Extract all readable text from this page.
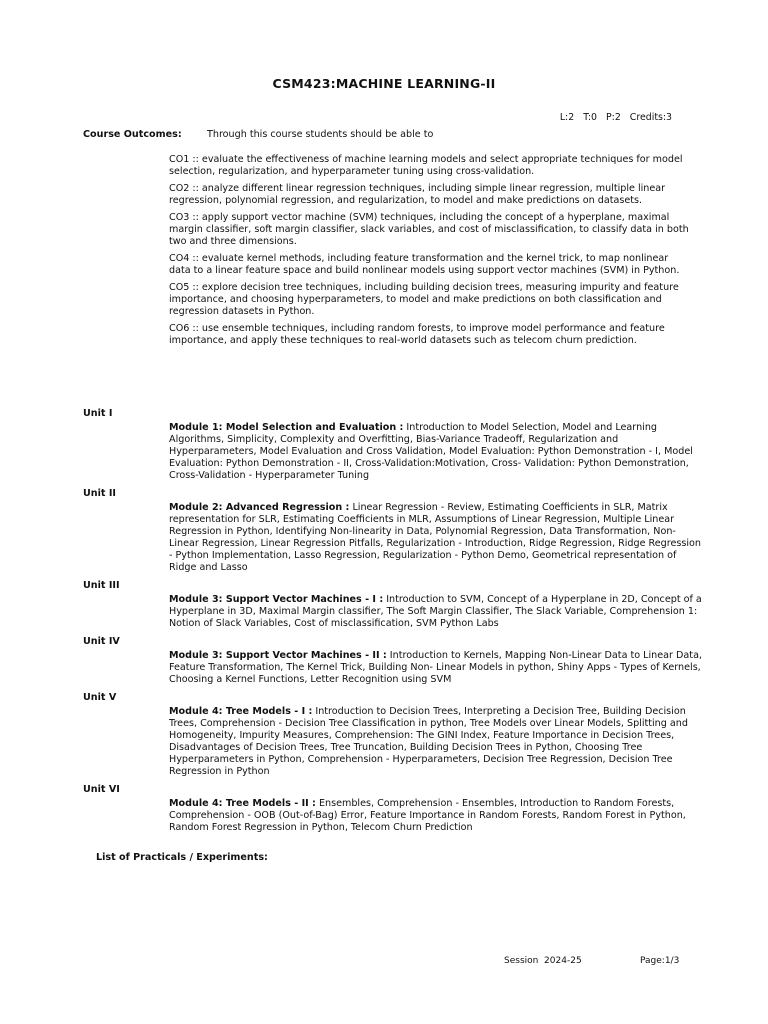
CSM423:MACHINE LEARNING-II

L:2 T:0 P:2 Credits:3

Course Outcomes:	Through this course students should be able to
CO1 :: evaluate the effectiveness of machine learning models and select appropriate techniques for model selection, regularization, and hyperparameter tuning using cross-validation.
CO2 :: analyze different linear regression techniques, including simple linear regression, multiple linear regression, polynomial regression, and regularization, to model and make predictions on datasets.
CO3 :: apply support vector machine (SVM) techniques, including the concept of a hyperplane, maximal margin classifier, soft margin classifier, slack variables, and cost of misclassification, to classify data in both two and three dimensions.
CO4 :: evaluate kernel methods, including feature transformation and the kernel trick, to map nonlinear data to a linear feature space and build nonlinear models using support vector machines (SVM) in Python.
CO5 :: explore decision tree techniques, including building decision trees, measuring impurity and feature importance, and choosing hyperparameters, to model and make predictions on both classification and regression datasets in Python.
CO6 :: use ensemble techniques, including random forests, to improve model performance and feature importance, and apply these techniques to real-world datasets such as telecom churn prediction.
Unit I
Module 1: Model Selection and Evaluation : Introduction to Model Selection, Model and Learning Algorithms, Simplicity, Complexity and Overfitting, Bias-Variance Tradeoff, Regularization and Hyperparameters, Model Evaluation and Cross Validation, Model Evaluation: Python Demonstration - I, Model Evaluation: Python Demonstration - II, Cross-Validation:Motivation, Cross- Validation: Python Demonstration, Cross-Validation - Hyperparameter Tuning
Unit II
Module 2: Advanced Regression : Linear Regression - Review, Estimating Coefficients in SLR, Matrix representation for SLR, Estimating Coefficients in MLR, Assumptions of Linear Regression, Multiple Linear Regression in Python, Identifying Non-linearity in Data, Polynomial Regression, Data Transformation, Non-Linear Regression, Linear Regression Pitfalls, Regularization - Introduction, Ridge Regression, Ridge Regression - Python Implementation, Lasso Regression, Regularization - Python Demo, Geometrical representation of Ridge and Lasso
Unit III
Module 3: Support Vector Machines - I : Introduction to SVM, Concept of a Hyperplane in 2D, Concept of a Hyperplane in 3D, Maximal Margin classifier, The Soft Margin Classifier, The Slack Variable, Comprehension 1: Notion of Slack Variables, Cost of misclassification, SVM Python Labs
Unit IV
Module 3: Support Vector Machines - II : Introduction to Kernels, Mapping Non-Linear Data to Linear Data, Feature Transformation, The Kernel Trick, Building Non- Linear Models in python, Shiny Apps - Types of Kernels, Choosing a Kernel Functions, Letter Recognition using SVM
Unit V
Module 4: Tree Models - I : Introduction to Decision Trees, Interpreting a Decision Tree, Building Decision Trees, Comprehension - Decision Tree Classification in python, Tree Models over Linear Models, Splitting and Homogeneity, Impurity Measures, Comprehension: The GINI Index, Feature Importance in Decision Trees, Disadvantages of Decision Trees, Tree Truncation, Building Decision Trees in Python, Choosing Tree Hyperparameters in Python, Comprehension - Hyperparameters, Decision Tree Regression, Decision Tree Regression in Python
Unit VI
Module 4: Tree Models - II : Ensembles, Comprehension - Ensembles, Introduction to Random Forests, Comprehension - OOB (Out-of-Bag) Error, Feature Importance in Random Forests, Random Forest in Python, Random Forest Regression in Python, Telecom Churn Prediction
List of Practicals / Experiments:
Session  2024-25	Page:1/3
